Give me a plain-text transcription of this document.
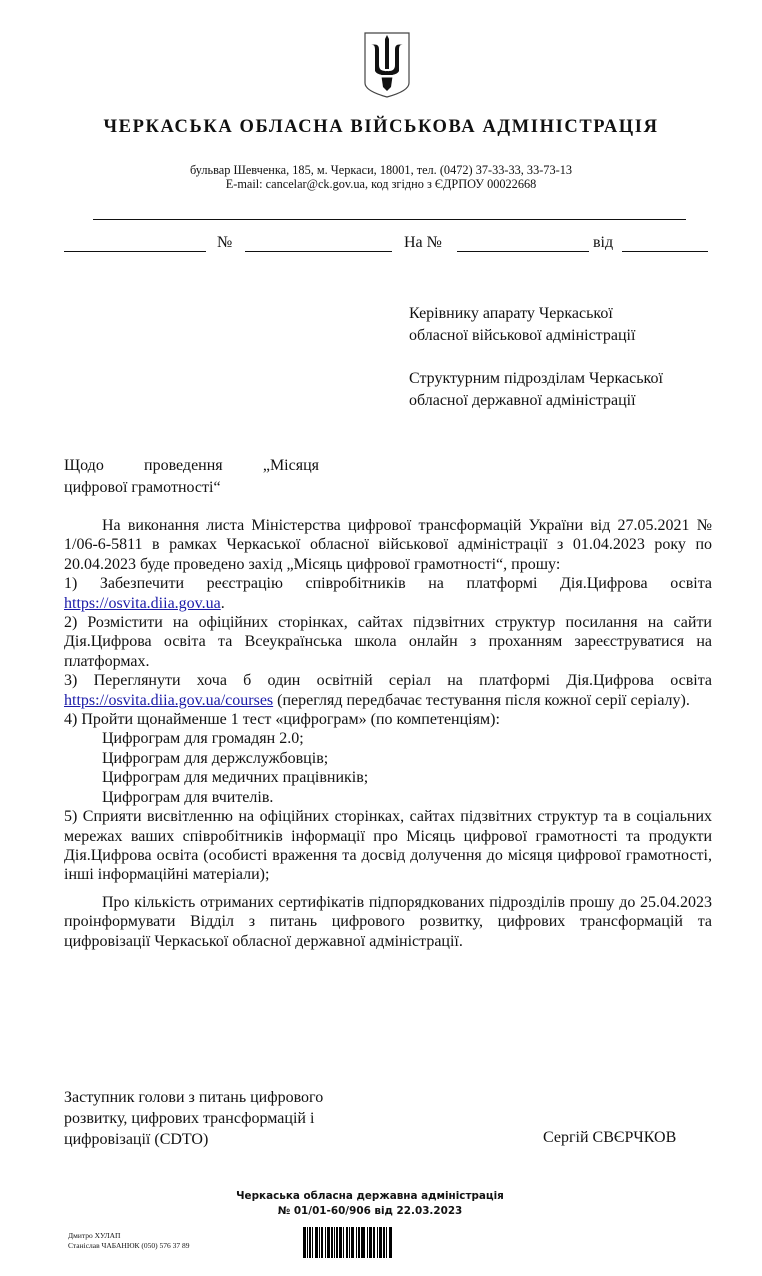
ЧЕРКАСЬКА ОБЛАСНА ВІЙСЬКОВА АДМІНІСТРАЦІЯ
бульвар Шевченка, 185, м. Черкаси, 18001, тел. (0472) 37-33-33, 33-73-13
E-mail: cancelar@ck.gov.ua, код згідно з ЄДРПОУ 00022668
№	На №	від
Керівнику апарату Черкаської
обласної військової адміністрації
Структурним підрозділам Черкаської
обласної державної адміністрації
Щодо	проведення	„Місяця
цифрової грамотності“

На виконання листа Міністерства цифрової трансформацій України від 27.05.2021 № 1/06-6-5811 в рамках Черкаської обласної військової адміністрації з 01.04.2023 року по 20.04.2023 буде проведено захід „Місяць цифрової грамотності“, прошу:

1) Забезпечити реєстрацію співробітників на платформі Дія.Цифрова освіта https://osvita.diia.gov.ua.

2) Розмістити на офіційних сторінках, сайтах підзвітних структур посилання на сайти Дія.Цифрова освіта та Всеукраїнська школа онлайн з проханням зареєструватися на платформах.

3) Переглянути хоча б один освітній серіал на платформі Дія.Цифрова освіта https://osvita.diia.gov.ua/courses (перегляд передбачає тестування після кожної серії серіалу).

4) Пройти щонайменше 1 тест «цифрограм» (по компетенціям):

Цифрограм для громадян 2.0;

Цифрограм для держслужбовців;

Цифрограм для медичних працівників;

Цифрограм для вчителів.

5) Сприяти висвітленню на офіційних сторінках, сайтах підзвітних структур та в соціальних мережах ваших співробітників інформації про Місяць цифрової грамотності та продукти Дія.Цифрова освіта (особисті враження та досвід долучення до місяця цифрової грамотності, інші інформаційні матеріали);

Про кількість отриманих сертифікатів підпорядкованих підрозділів прошу до 25.04.2023 проінформувати Відділ з питань цифрового розвитку, цифрових трансформацій та цифровізації Черкаської обласної державної адміністрації.

Заступник голови з питань цифрового
розвитку, цифрових трансформацій і
цифровізації (CDTO)	Сергій СВЄРЧКОВ
Черкаська обласна державна адміністрація
№ 01/01-60/906 від 22.03.2023
Дмитро ХУЛАП
Станіслав ЧАБАНЮК (050) 576 37 89
